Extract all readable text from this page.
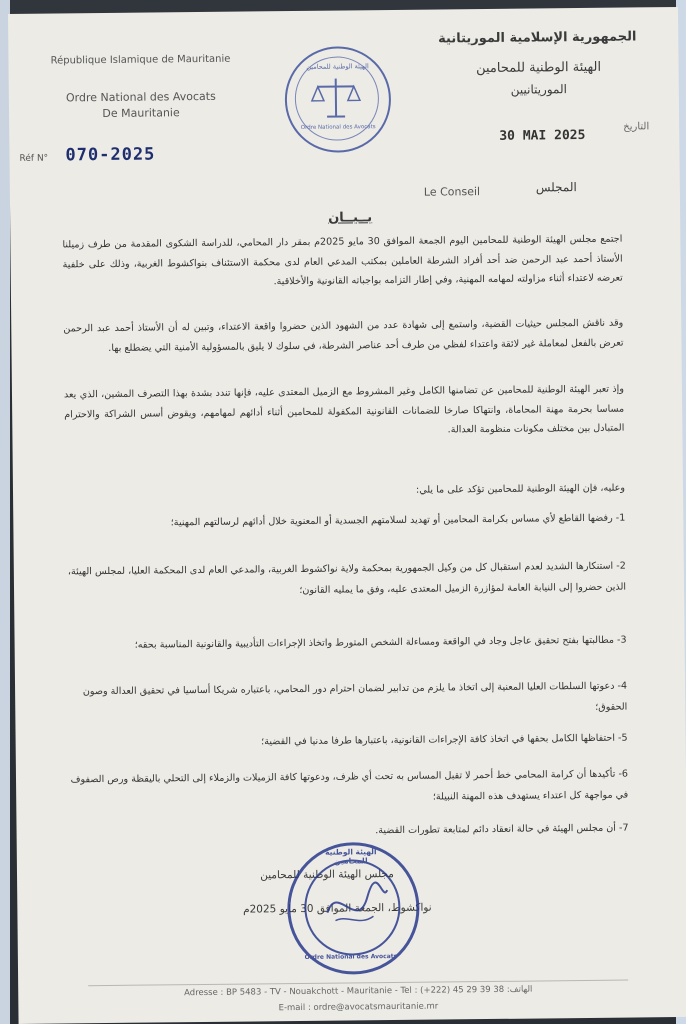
République Islamique de Mauritanie
Ordre National des Avocats
De Mauritanie
الجمهورية الإسلامية الموريتانية
الهيئة الوطنية للمحامين
الموريتانيين
الهيئة الوطنية للمحامين
Ordre National des Avocats
Réf N° 070-2025
التاريخ
30 MAI 2025
Le Conseil	المجلس
بــيــان
اجتمع مجلس الهيئة الوطنية للمحامين اليوم الجمعة الموافق 30 مايو 2025م بمقر دار المحامي، للدراسة الشكوى المقدمة من طرف زميلنا الأستاذ أحمد عبد الرحمن ضد أحد أفراد الشرطة العاملين بمكتب المدعي العام لدى محكمة الاستئناف بنواكشوط الغربية، وذلك على خلفية تعرضه لاعتداء أثناء مزاولته لمهامه المهنية، وفي إطار التزامه بواجباته القانونية والأخلاقية.
وقد ناقش المجلس حيثيات القضية، واستمع إلى شهادة عدد من الشهود الذين حضروا واقعة الاعتداء، وتبين له أن الأستاذ أحمد عبد الرحمن تعرض بالفعل لمعاملة غير لائقة واعتداء لفظي من طرف أحد عناصر الشرطة، في سلوك لا يليق بالمسؤولية الأمنية التي يضطلع بها.
وإذ تعبر الهيئة الوطنية للمحامين عن تضامنها الكامل وغير المشروط مع الزميل المعتدى عليه، فإنها تندد بشدة بهذا التصرف المشين، الذي يعد مساسا بحرمة مهنة المحاماة، وانتهاكا صارخا للضمانات القانونية المكفولة للمحامين أثناء أدائهم لمهامهم، ويقوض أسس الشراكة والاحترام المتبادل بين مختلف مكونات منظومة العدالة.
وعليه، فإن الهيئة الوطنية للمحامين تؤكد على ما يلي:
1- رفضها القاطع لأي مساس بكرامة المحامين أو تهديد لسلامتهم الجسدية أو المعنوية خلال أدائهم لرسالتهم المهنية؛
2- استنكارها الشديد لعدم استقبال كل من وكيل الجمهورية بمحكمة ولاية نواكشوط الغربية، والمدعي العام لدى المحكمة العليا، لمجلس الهيئة، الذين حضروا إلى النيابة العامة لمؤازرة الزميل المعتدى عليه، وفق ما يمليه القانون؛
3- مطالبتها بفتح تحقيق عاجل وجاد في الواقعة ومساءلة الشخص المتورط واتخاذ الإجراءات التأديبية والقانونية المناسبة بحقه؛
4- دعوتها السلطات العليا المعنية إلى اتخاذ ما يلزم من تدابير لضمان احترام دور المحامي، باعتباره شريكا أساسيا في تحقيق العدالة وصون الحقوق؛
5- احتفاظها الكامل بحقها في اتخاذ كافة الإجراءات القانونية، باعتبارها طرفا مدنيا في القضية؛
6- تأكيدها أن كرامة المحامي خط أحمر لا تقبل المساس به تحت أي ظرف، ودعوتها كافة الزميلات والزملاء إلى التحلي باليقظة ورص الصفوف في مواجهة كل اعتداء يستهدف هذه المهنة النبيلة؛
7- أن مجلس الهيئة في حالة انعقاد دائم لمتابعة تطورات القضية.
مجلس الهيئة الوطنية للمحامين
نواكشوط، الجمعة الموافق 30 مايو 2025م
الهيئة الوطنية للمحامين
Ordre National des Avocats
Adresse : BP 5483 - TV - Nouakchott - Mauritanie - Tel : (+222) 45 29 39 38 :الهاتف
E-mail : ordre@avocatsmauritanie.mr
